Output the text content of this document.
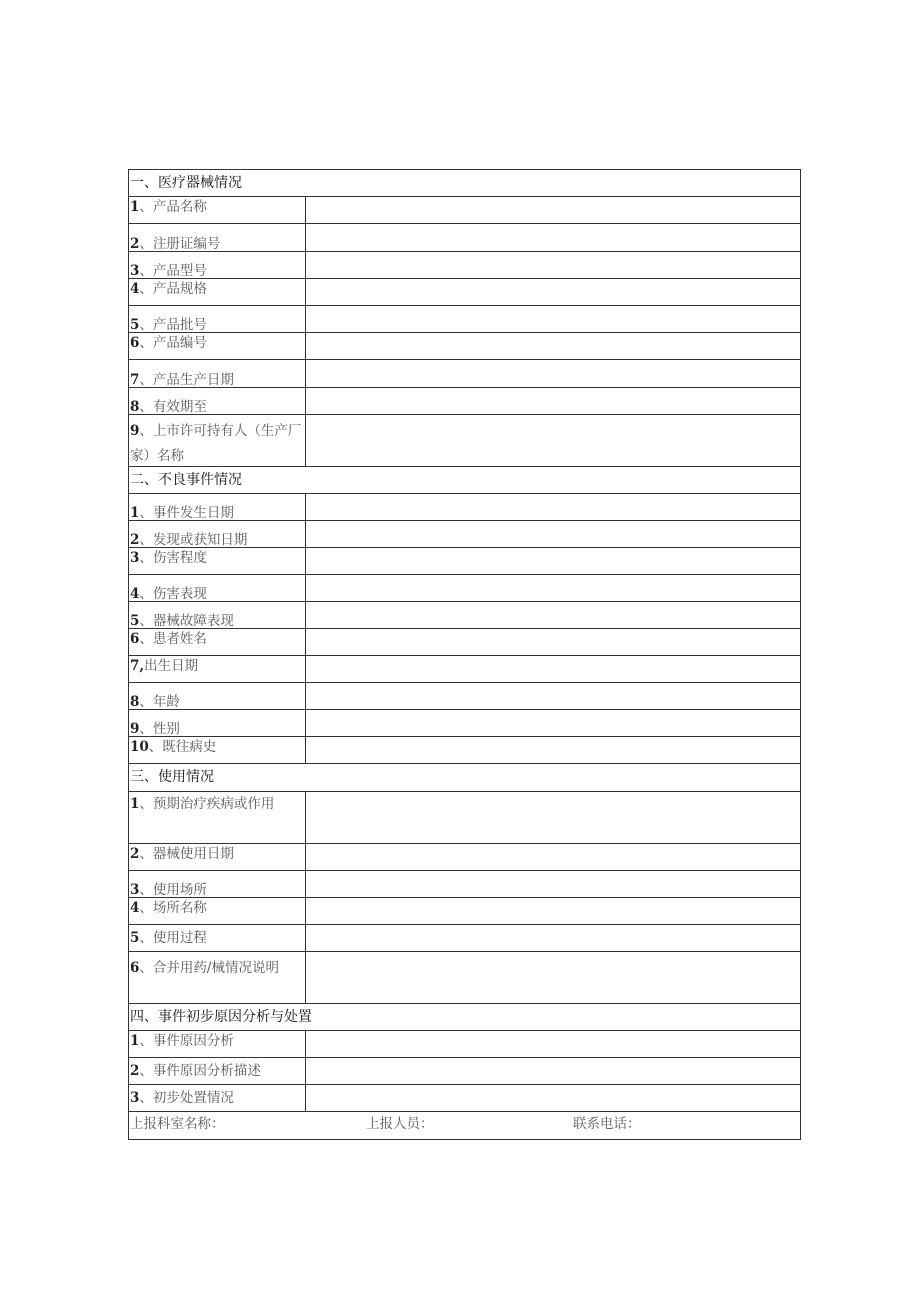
一、医疗器械情况
1、产品名称
2、注册证编号
3、产品型号
4、产品规格
5、产品批号
6、产品编号
7、产品生产日期
8、有效期至
9、上市许可持有人（生产厂家）名称
二、不良事件情况
1、事件发生日期
2、发现或获知日期
3、伤害程度
4、伤害表现
5、器械故障表现
6、患者姓名
7,出生日期
8、年龄
9、性别
10、既往病史
三、使用情况
1、预期治疗疾病或作用
2、器械使用日期
3、使用场所
4、场所名称
5、使用过程
6、合并用药/械情况说明
四、事件初步原因分析与处置
1、事件原因分析
2、事件原因分析描述
3、初步处置情况
上报科室名称：	上报人员：	联系电话：
